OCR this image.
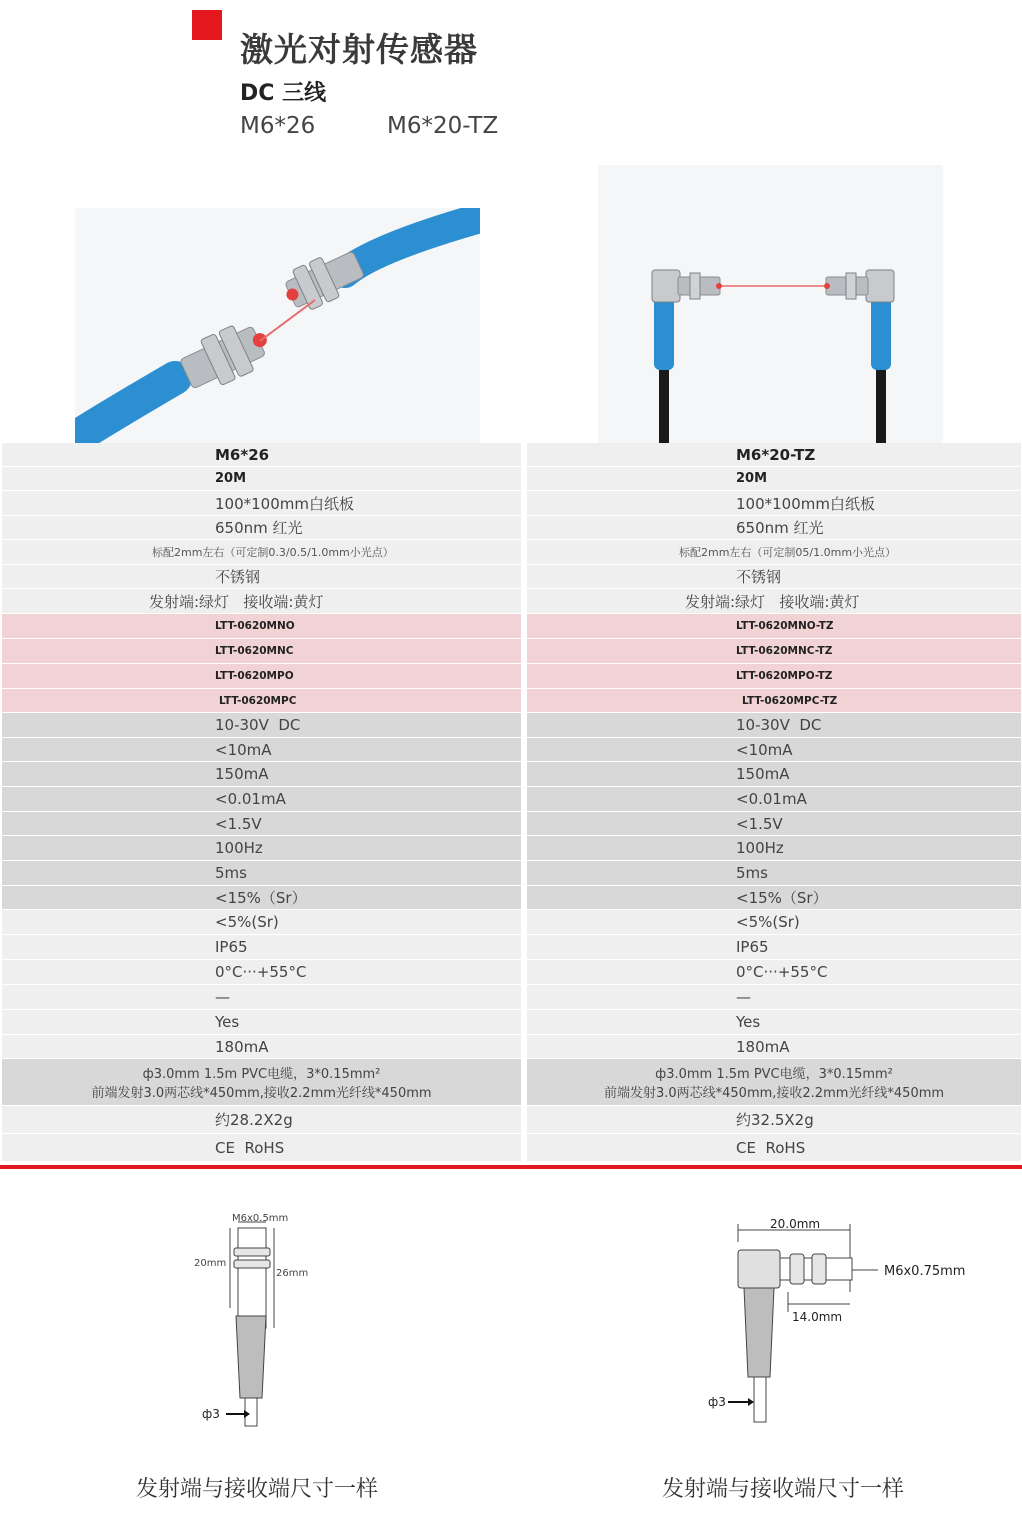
激光对射传感器
DC 三线
M6*26	M6*20-TZ
M6*26
20M
100*100mm白纸板
650nm 红光
标配2mm左右（可定制0.3/0.5/1.0mm小光点）
不锈钢
发射端:绿灯   接收端:黄灯
LTT-0620MNO
LTT-0620MNC
LTT-0620MPO
LTT-0620MPC
10-30V  DC
<10mA
150mA
<0.01mA
<1.5V
100Hz
5ms
<15%（Sr）
<5%(Sr)
IP65
0°C···+55°C
—
Yes
180mA
ф3.0mm 1.5m PVC电缆，3*0.15mm²
前端发射3.0两芯线*450mm,接收2.2mm光纤线*450mm
约28.2X2g
CE  RoHS
M6*20-TZ
20M
100*100mm白纸板
650nm 红光
标配2mm左右（可定制05/1.0mm小光点）
不锈钢
发射端:绿灯   接收端:黄灯
LTT-0620MNO-TZ
LTT-0620MNC-TZ
LTT-0620MPO-TZ
LTT-0620MPC-TZ
10-30V  DC
<10mA
150mA
<0.01mA
<1.5V
100Hz
5ms
<15%（Sr）
<5%(Sr)
IP65
0°C···+55°C
—
Yes
180mA
ф3.0mm 1.5m PVC电缆，3*0.15mm²
前端发射3.0两芯线*450mm,接收2.2mm光纤线*450mm
约32.5X2g
CE  RoHS
M6x0.5mm
20mm
26mm
ф3
20.0mm
M6x0.75mm
14.0mm
ф3
发射端与接收端尺寸一样	发射端与接收端尺寸一样
